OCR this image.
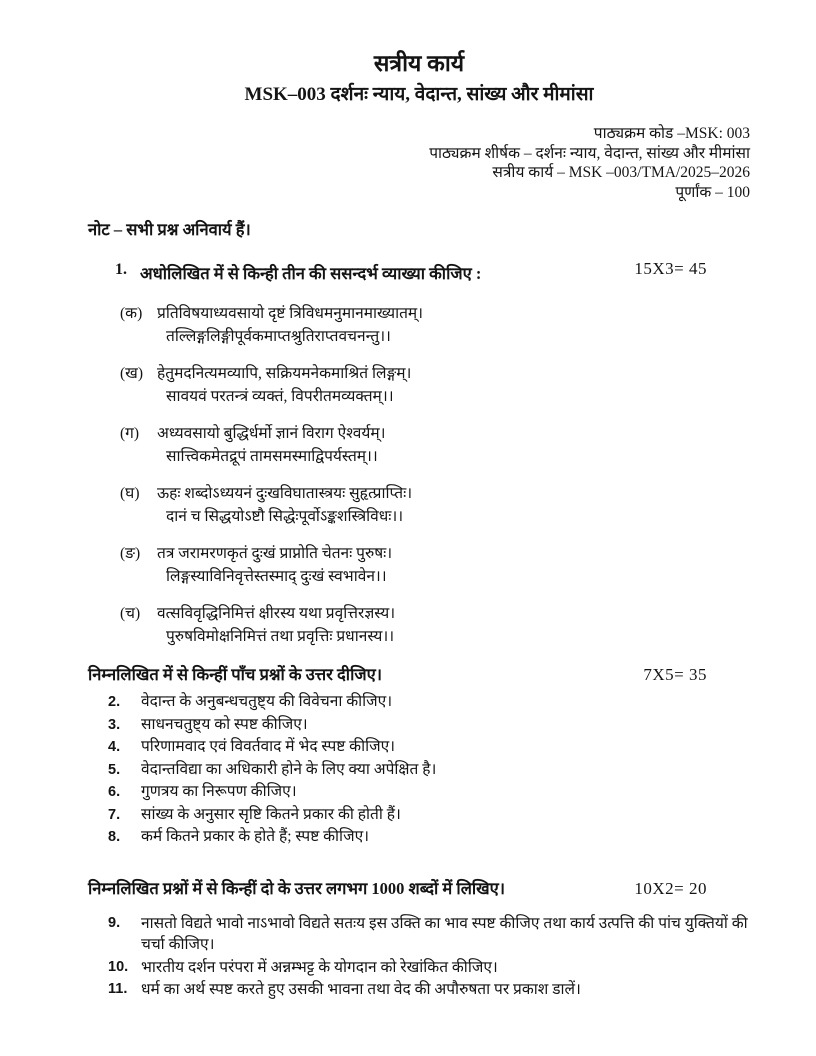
सत्रीय कार्य
MSK–003 दर्शनः न्याय, वेदान्त, सांख्य और मीमांसा
पाठ्यक्रम कोड –MSK: 003
पाठ्यक्रम शीर्षक – दर्शनः न्याय, वेदान्त, सांख्य और मीमांसा
सत्रीय कार्य – MSK –003/TMA/2025–2026
पूर्णांक – 100
नोट – सभी प्रश्न अनिवार्य हैं।
1. अधोलिखित में से किन्ही तीन की ससन्दर्भ व्याख्या कीजिए :	15X3= 45
(क) प्रतिविषयाध्यवसायो दृष्टं त्रिविधमनुमानमाख्यातम्।
तल्लिङ्गलिङ्गीपूर्वकमाप्तश्रुतिराप्तवचनन्तु।।
(ख) हेतुमदनित्यमव्यापि, सक्रियमनेकमाश्रितं लिङ्गम्।
सावयवं परतन्त्रं व्यक्तं, विपरीतमव्यक्तम्।।
(ग)	अध्यवसायो बुद्धिर्धर्मो ज्ञानं विराग ऐश्वर्यम्।
सात्त्विकमेतद्रूपं तामसमस्माद्विपर्यस्तम्।।
(घ)	ऊहः शब्दोऽध्ययनं दुःखविघातास्त्रयः सुहृत्प्राप्तिः।
दानं च सिद्धयोऽष्टौ सिद्धेःपूर्वोऽङ्कशस्त्रिविधः।।
(ङ)	तत्र जरामरणकृतं दुःखं प्राप्नोति चेतनः पुरुषः।
लिङ्गस्याविनिवृत्तेस्तस्माद् दुःखं स्वभावेन।।
(च)	वत्सविवृद्धिनिमित्तं क्षीरस्य यथा प्रवृत्तिरज्ञस्य।
पुरुषविमोक्षनिमित्तं तथा प्रवृत्तिः प्रधानस्य।।
निम्नलिखित में से किन्हीं पाँच प्रश्नों के उत्तर दीजिए।	7X5= 35
2.	वेदान्त के अनुबन्धचतुष्ट्य की विवेचना कीजिए।
3.	साधनचतुष्ट्य को स्पष्ट कीजिए।
4.	परिणामवाद एवं विवर्तवाद में भेद स्पष्ट कीजिए।
5.	वेदान्तविद्या का अधिकारी होने के लिए क्या अपेक्षित है।
6.	गुणत्रय का निरूपण कीजिए।
7.	सांख्य के अनुसार सृष्टि कितने प्रकार की होती हैं।
8.	कर्म कितने प्रकार के होते हैं; स्पष्ट कीजिए।
निम्नलिखित प्रश्नों में से किन्हीं दो के उत्तर लगभग 1000 शब्दों में लिखिए।	10X2= 20
9.	नासतो विद्यते भावो नाऽभावो विद्यते सतःय इस उक्ति का भाव स्पष्ट कीजिए तथा कार्य उत्पत्ति की पांच युक्तियों की चर्चा कीजिए।
10. भारतीय दर्शन परंपरा में अन्नम्भट्ट के योगदान को रेखांकित कीजिए।
11. धर्म का अर्थ स्पष्ट करते हुए उसकी भावना तथा वेद की अपौरुषता पर प्रकाश डालें।
